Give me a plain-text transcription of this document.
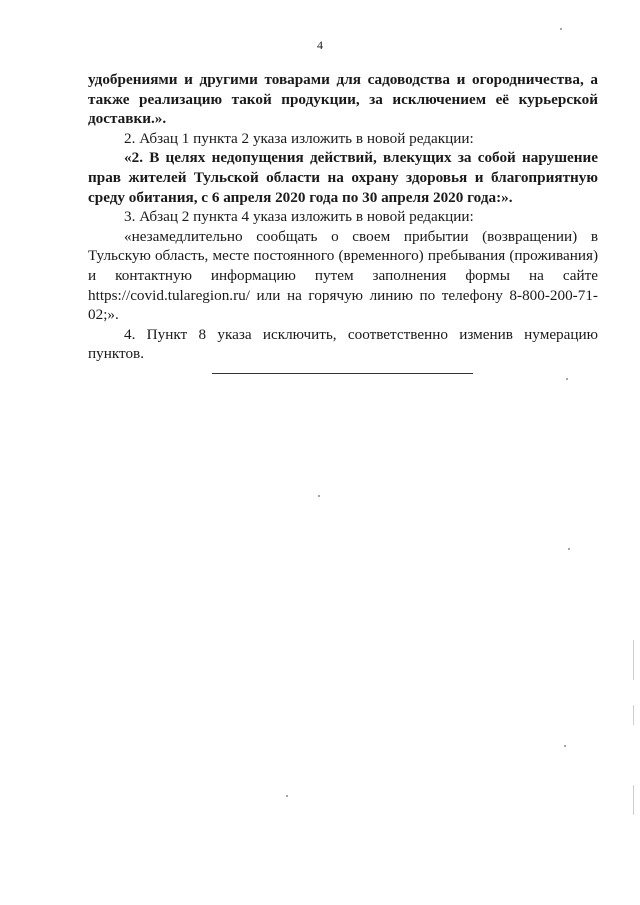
4

удобрениями и другими товарами для садоводства и огородничества, а также реализацию такой продукции, за исключением её курьерской доставки.».

2. Абзац 1 пункта 2 указа изложить в новой редакции:

«2. В целях недопущения действий, влекущих за собой нарушение прав жителей Тульской области на охрану здоровья и благоприятную среду обитания, с 6 апреля 2020 года по 30 апреля 2020 года:».

3. Абзац 2 пункта 4 указа изложить в новой редакции:

«незамедлительно сообщать о своем прибытии (возвращении) в Тульскую область, месте постоянного (временного) пребывания (проживания) и контактную информацию путем заполнения формы на сайте https://covid.tularegion.ru/ или на горячую линию по телефону 8-800-200-71-02;».

4. Пункт 8 указа исключить, соответственно изменив нумерацию пунктов.
